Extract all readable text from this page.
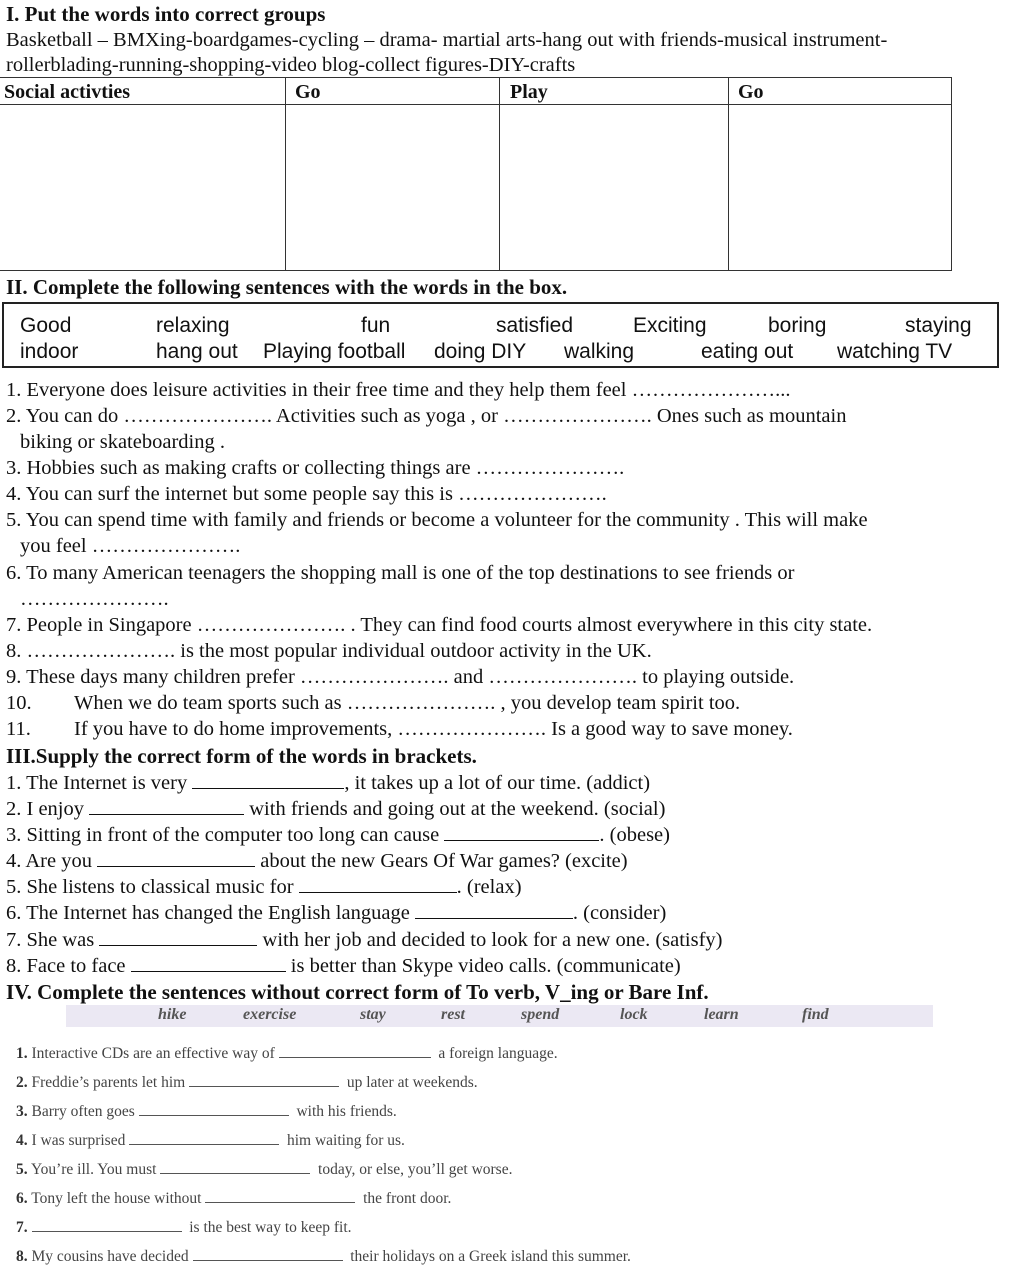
I. Put the words into correct groups
Basketball – BMXing-boardgames-cycling – drama- martial arts-hang out with friends-musical instrument-
rollerblading-running-shopping-video blog-collect figures-DIY-crafts
Social activties	Go	Play	Go
II. Complete the following sentences with the words in the box.
Good	relaxing	fun	satisfied	Exciting	boring	staying
indoor	hang out Playing football doing DIY walking	eating out watching TV
1. Everyone does leisure activities in their free time and they help them feel …………………...
2. You can do …………………. Activities such as yoga , or …………………. Ones such as mountain
biking or skateboarding .
3. Hobbies such as making crafts or collecting things are ………………….
4. You can surf the internet but some people say this is ………………….
5. You can spend time with family and friends or become a volunteer for the community . This will make
you feel ………………….
6. To many American teenagers the shopping mall is one of the top destinations to see friends or
………………….
7. People in Singapore …………………. . They can find food courts almost everywhere in this city state.
8. …………………. is the most popular individual outdoor activity in the UK.
9. These days many children prefer …………………. and …………………. to playing outside.
10. When we do team sports such as …………………. , you develop team spirit too.
11. If you have to do home improvements, …………………. Is a good way to save money.
III.Supply the correct form of the words in brackets.
1. The Internet is very	, it takes up a lot of our time. (addict)
2. I enjoy	with friends and going out at the weekend. (social)
3. Sitting in front of the computer too long can cause	. (obese)
4. Are you	about the new Gears Of War games? (excite)
5. She listens to classical music for	. (relax)
6. The Internet has changed the English language	. (consider)
7. She was	with her job and decided to look for a new one. (satisfy)
8. Face to face	is better than Skype video calls. (communicate)
IV. Complete the sentences without correct form of To verb, V_ing or Bare Inf.
hike	exercise	stay	rest	spend	lock	learn	find
1. Interactive CDs are an effective way of	a foreign language.
2. Freddie’s parents let him	up later at weekends.
3. Barry often goes	with his friends.
4. I was surprised	him waiting for us.
5. You’re ill. You must	today, or else, you’ll get worse.
6. Tony left the house without	the front door.
7.	is the best way to keep fit.
8. My cousins have decided	their holidays on a Greek island this summer.
